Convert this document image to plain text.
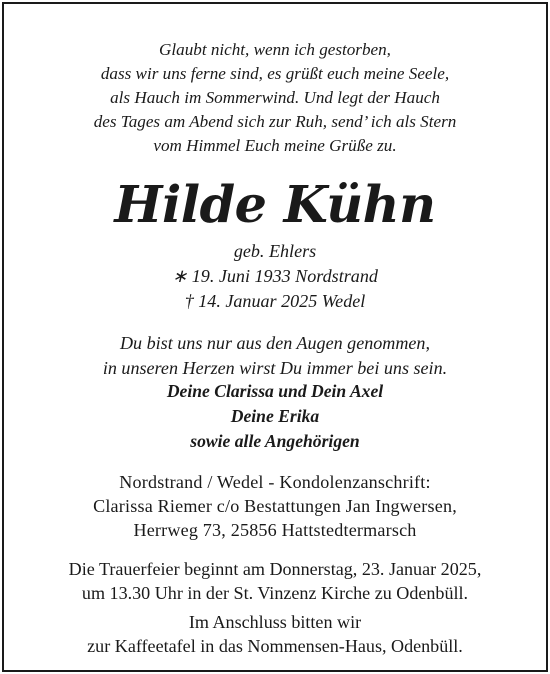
Glaubt nicht, wenn ich gestorben,
dass wir uns ferne sind, es grüßt euch meine Seele,
als Hauch im Sommerwind. Und legt der Hauch
des Tages am Abend sich zur Ruh, send’ ich als Stern
vom Himmel Euch meine Grüße zu.
Hilde Kühn
geb. Ehlers
∗ 19. Juni 1933 Nordstrand
† 14. Januar 2025 Wedel
Du bist uns nur aus den Augen genommen,
in unseren Herzen wirst Du immer bei uns sein.
Deine Clarissa und Dein Axel
Deine Erika
sowie alle Angehörigen
Nordstrand / Wedel - Kondolenzanschrift:
Clarissa Riemer c/o Bestattungen Jan Ingwersen,
Herrweg 73, 25856 Hattstedtermarsch
Die Trauerfeier beginnt am Donnerstag, 23. Januar 2025,
um 13.30 Uhr in der St. Vinzenz Kirche zu Odenbüll.
Im Anschluss bitten wir
zur Kaffeetafel in das Nommensen-Haus, Odenbüll.
